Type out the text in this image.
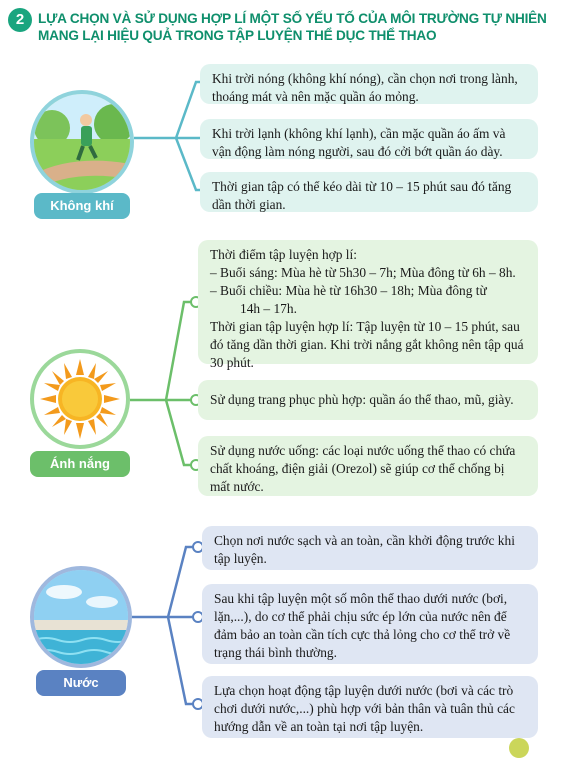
2	LỰA CHỌN VÀ SỬ DỤNG HỢP LÍ MỘT SỐ YẾU TỐ CỦA MÔI TRƯỜNG TỰ NHIÊN
MANG LẠI HIỆU QUẢ TRONG TẬP LUYỆN THỂ DỤC THỂ THAO
Không khí

Khi trời nóng (không khí nóng), cần chọn nơi trong lành, thoáng mát và nên mặc quần áo mỏng.

Khi trời lạnh (không khí lạnh), cần mặc quần áo ấm và vận động làm nóng người, sau đó cởi bớt quần áo dày.

Thời gian tập có thể kéo dài từ 10 – 15 phút sau đó tăng dần thời gian.

Ánh nắng

Thời điểm tập luyện hợp lí:

– Buổi sáng: Mùa hè từ 5h30 – 7h; Mùa đông từ 6h – 8h.

– Buổi chiều: Mùa hè từ 16h30 – 18h; Mùa đông từ

14h – 17h.

Thời gian tập luyện hợp lí: Tập luyện từ 10 – 15 phút, sau đó tăng dần thời gian. Khi trời nắng gắt không nên tập quá 30 phút.

Sử dụng trang phục phù hợp: quần áo thể thao, mũ, giày.

Sử dụng nước uống: các loại nước uống thể thao có chứa chất khoáng, điện giải (Orezol) sẽ giúp cơ thể chống bị mất nước.

Nước

Chọn nơi nước sạch và an toàn, cần khởi động trước khi tập luyện.

Sau khi tập luyện một số môn thể thao dưới nước (bơi, lặn,...), do cơ thể phải chịu sức ép lớn của nước nên để đảm bảo an toàn cần tích cực thả lỏng cho cơ thể trở về trạng thái bình thường.

Lựa chọn hoạt động tập luyện dưới nước (bơi và các trò chơi dưới nước,...) phù hợp với bản thân và tuân thủ các hướng dẫn về an toàn tại nơi tập luyện.
